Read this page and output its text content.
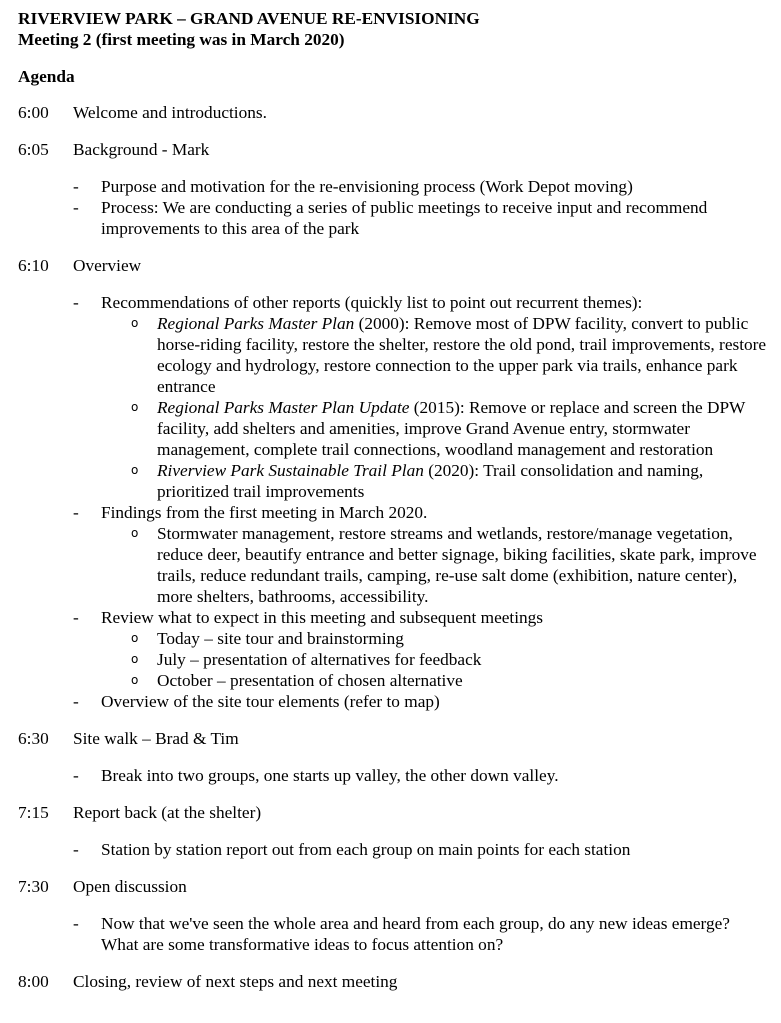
RIVERVIEW PARK – GRAND AVENUE RE-ENVISIONING
Meeting 2 (first meeting was in March 2020)
Agenda
6:00	Welcome and introductions.
6:05	Background - Mark
- Purpose and motivation for the re-envisioning process (Work Depot moving)
- Process: We are conducting a series of public meetings to receive input and recommend improvements to this area of the park
6:10	Overview
- Recommendations of other reports (quickly list to point out recurrent themes):
o Regional Parks Master Plan (2000): Remove most of DPW facility, convert to public horse-riding facility, restore the shelter, restore the old pond, trail improvements, restore ecology and hydrology, restore connection to the upper park via trails, enhance park entrance
o Regional Parks Master Plan Update (2015): Remove or replace and screen the DPW facility, add shelters and amenities, improve Grand Avenue entry, stormwater management, complete trail connections, woodland management and restoration
o Riverview Park Sustainable Trail Plan (2020): Trail consolidation and naming, prioritized trail improvements
- Findings from the first meeting in March 2020.
o Stormwater management, restore streams and wetlands, restore/manage vegetation, reduce deer, beautify entrance and better signage, biking facilities, skate park, improve trails, reduce redundant trails, camping, re-use salt dome (exhibition, nature center), more shelters, bathrooms, accessibility.
- Review what to expect in this meeting and subsequent meetings
o Today – site tour and brainstorming
o July – presentation of alternatives for feedback
o October – presentation of chosen alternative
- Overview of the site tour elements (refer to map)
6:30	Site walk – Brad & Tim
- Break into two groups, one starts up valley, the other down valley.
7:15	Report back (at the shelter)
- Station by station report out from each group on main points for each station
7:30	Open discussion
- Now that we've seen the whole area and heard from each group, do any new ideas emerge? What are some transformative ideas to focus attention on?
8:00	Closing, review of next steps and next meeting
